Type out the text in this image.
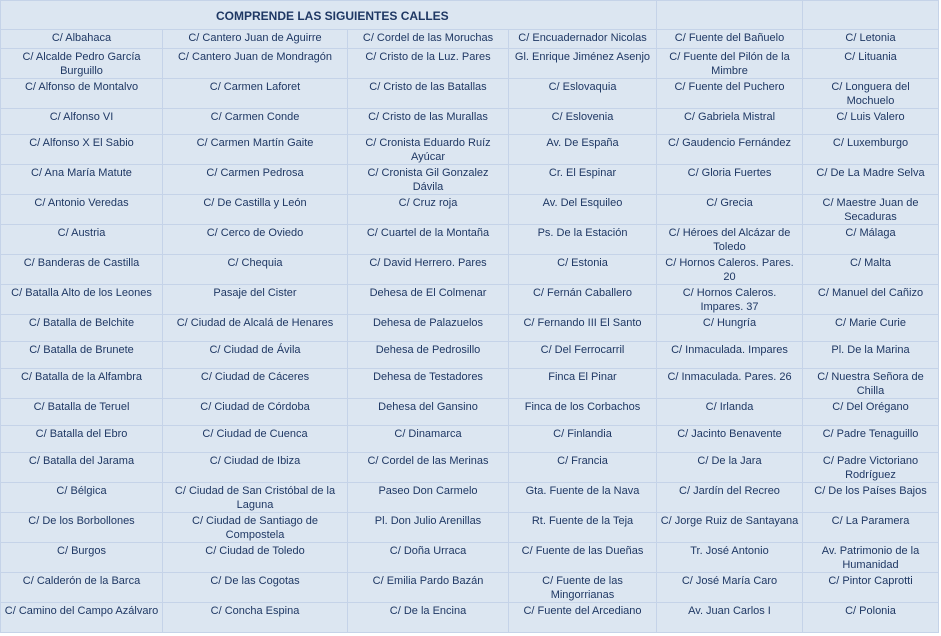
COMPRENDE LAS SIGUIENTES CALLES					
C/ Albahaca	C/ Cantero Juan de Aguirre	C/ Cordel de las Moruchas	C/ Encuadernador Nicolas	C/ Fuente del Bañuelo	C/ Letonia
C/ Alcalde Pedro García Burguillo	C/ Cantero Juan de Mondragón	C/ Cristo de la Luz. Pares	Gl. Enrique Jiménez Asenjo	C/ Fuente del Pilón de la Mimbre	C/ Lituania
C/ Alfonso de Montalvo	C/ Carmen Laforet	C/ Cristo de las Batallas	C/ Eslovaquia	C/ Fuente del Puchero	C/ Longuera del Mochuelo
C/ Alfonso VI	C/ Carmen Conde	C/ Cristo de las Murallas	C/ Eslovenia	C/ Gabriela Mistral	C/ Luis Valero
C/ Alfonso X El Sabio	C/ Carmen Martín Gaite	C/ Cronista Eduardo Ruíz Ayúcar	Av. De España	C/ Gaudencio Fernández	C/ Luxemburgo
C/ Ana María Matute	C/ Carmen Pedrosa	C/ Cronista Gil Gonzalez Dávila	Cr. El Espinar	C/ Gloria Fuertes	C/ De La Madre Selva
C/ Antonio Veredas	C/ De Castilla y León	C/ Cruz roja	Av. Del Esquileo	C/ Grecia	C/ Maestre Juan de Secaduras
C/ Austria	C/ Cerco de Oviedo	C/ Cuartel de la Montaña	Ps. De la Estación	C/ Héroes del Alcázar de Toledo	C/ Málaga
C/ Banderas de Castilla	C/ Chequia	C/ David Herrero. Pares	C/ Estonia	C/ Hornos Caleros. Pares. 20	C/ Malta
C/ Batalla Alto de los Leones	Pasaje del Cister	Dehesa de El Colmenar	C/ Fernán Caballero	C/ Hornos Caleros. Impares. 37	C/ Manuel del Cañizo
C/ Batalla de Belchite	C/ Ciudad de Alcalá de Henares	Dehesa de Palazuelos	C/ Fernando III El Santo	C/ Hungría	C/ Marie Curie
C/ Batalla de Brunete	C/ Ciudad de Ávila	Dehesa de Pedrosillo	C/ Del Ferrocarril	C/ Inmaculada. Impares	Pl. De la Marina
C/ Batalla de la Alfambra	C/ Ciudad de Cáceres	Dehesa de Testadores	Finca El Pinar	C/ Inmaculada. Pares. 26	C/ Nuestra Señora de Chilla
C/ Batalla de Teruel	C/ Ciudad de Córdoba	Dehesa del Gansino	Finca de los Corbachos	C/ Irlanda	C/ Del Orégano
C/ Batalla del Ebro	C/ Ciudad de Cuenca	C/ Dinamarca	C/ Finlandia	C/ Jacinto Benavente	C/ Padre Tenaguillo
C/ Batalla del Jarama	C/ Ciudad de Ibiza	C/ Cordel de las Merinas	C/ Francia	C/ De la Jara	C/ Padre Victoriano Rodríguez
C/ Bélgica	C/ Ciudad de San Cristóbal de la Laguna	Paseo Don Carmelo	Gta. Fuente de la Nava	C/ Jardín del Recreo	C/ De los Países Bajos
C/ De los Borbollones	C/ Ciudad de Santiago de Compostela	Pl. Don Julio Arenillas	Rt. Fuente de la Teja	C/ Jorge Ruiz de Santayana	C/ La Paramera
C/ Burgos	C/ Ciudad de Toledo	C/ Doña Urraca	C/ Fuente de las Dueñas	Tr. José Antonio	Av. Patrimonio de la Humanidad
C/ Calderón de la Barca	C/ De las Cogotas	C/ Emilia Pardo Bazán	C/ Fuente de las Mingorrianas	C/ José María Caro	C/ Pintor Caprotti
C/ Camino del Campo Azálvaro	C/ Concha Espina	C/ De la Encina	C/ Fuente del Arcediano	Av. Juan Carlos I	C/ Polonia
